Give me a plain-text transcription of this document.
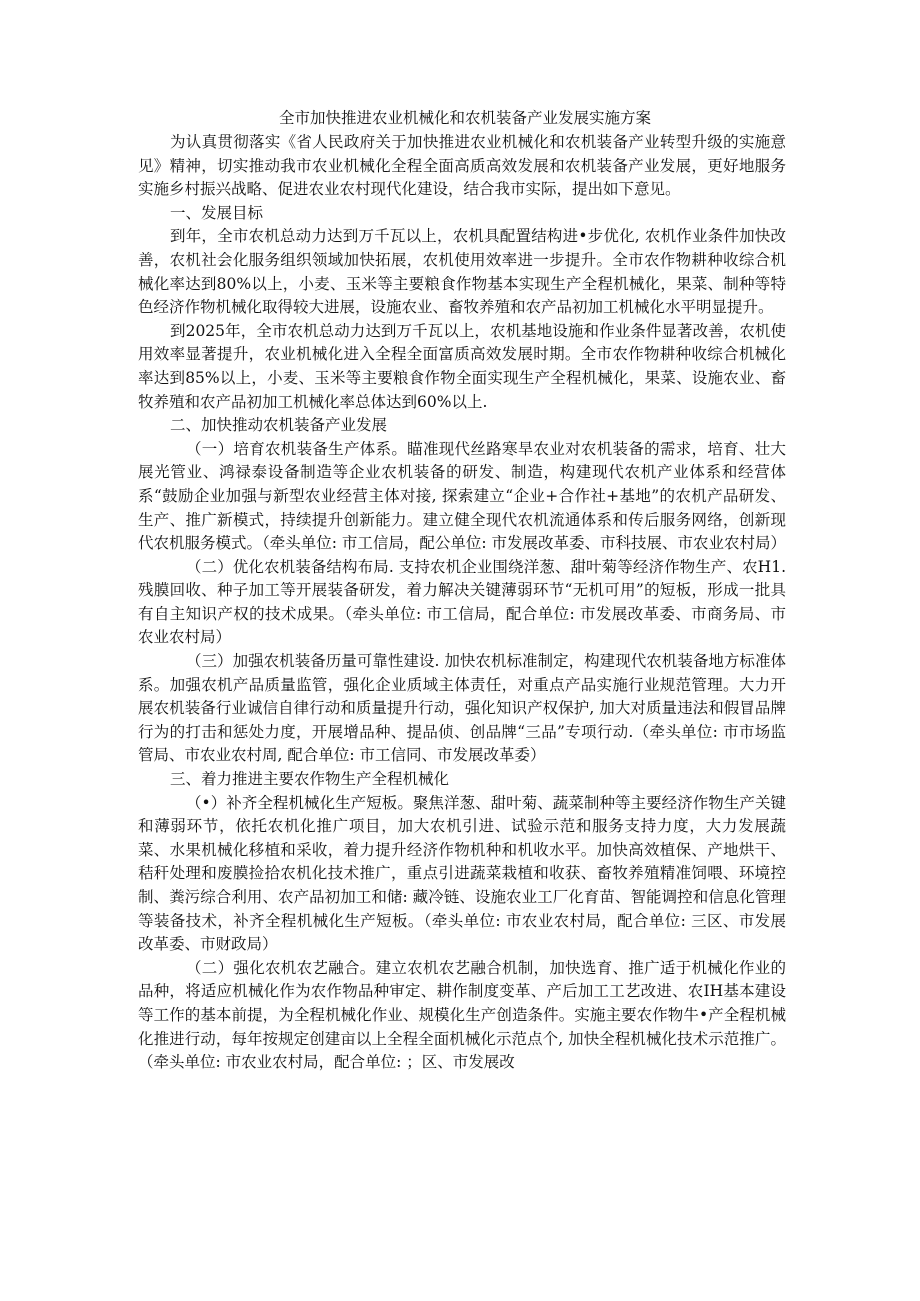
全市加快推进农业机械化和农机装备产业发展实施方案

为认真贯彻落实《省人民政府关于加快推进农业机械化和农机装备产业转型升级的实施意见》精神，切实推动我市农业机械化全程全面高质高效发展和农机装备产业发展，更好地服务实施乡村振兴战略、促进农业农村现代化建设，结合我市实际，提出如下意见。

一、发展目标

到年，全市农机总动力达到万千瓦以上，农机具配置结构进•步优化, 农机作业条件加快改善，农机社会化服务组织领域加快拓展，农机使用效率进一步提升。全市农作物耕种收综合机械化率达到80%以上，小麦、玉米等主要粮食作物基本实现生产全程机械化，果菜、制种等特色经济作物机械化取得较大进展，设施农业、畜牧养殖和农产品初加工机械化水平明显提升。

到2025年，全市农机总动力达到万千瓦以上，农机基地设施和作业条件显著改善，农机使用效率显著提升，农业机械化进入全程全面富质高效发展时期。全市农作物耕种收综合机械化率达到85%以上，小麦、玉米等主要粮食作物全面实现生产全程机械化，果菜、设施农业、畜牧养殖和农产品初加工机械化率总体达到60%以上.

二、加快推动农机装备产业发展

（一）培育农机装备生产体系。瞄准现代丝路寒旱农业对农机装备的需求，培育、壮大展光管业、鸿禄泰设备制造等企业农机装备的研发、制造，构建现代农机产业体系和经营体系“鼓励企业加强与新型农业经营主体对接, 探索建立“企业+合作社+基地”的农机产品研发、生产、推广新模式，持续提升创新能力。建立健全现代农机流通体系和传后服务网络，创新现代农机服务模式。（牵头单位: 市工信局，配公单位: 市发展改革委、市科技展、市农业农村局）

（二）优化农机装备结构布局. 支持农机企业围绕洋葱、甜叶菊等经济作物生产、农H1.残膜回收、种子加工等开展装备研发，着力解决关键薄弱环节“无机可用”的短板，形成一批具有自主知识产权的技术成果。（牵头单位: 市工信局，配合单位: 市发展改革委、市商务局、市农业农村局）

（三）加强农机装备历量可靠性建设. 加快农机标准制定，构建现代农机装备地方标准体系。加强农机产品质量监管，强化企业质域主体责任，对重点产品实施行业规范管理。大力开展农机装备行业诚信自律行动和质量提升行动，强化知识产权保护, 加大对质量违法和假冒品牌行为的打击和惩处力度，开展增品种、提品侦、创品牌“三品”专项行动.（牵头单位: 市市场监管局、市农业农村周, 配合单位: 市工信同、市发展改革委）

三、着力推进主要农作物生产全程机械化

（•）补齐全程机械化生产短板。聚焦洋葱、甜叶菊、蔬菜制种等主要经济作物生产关键和薄弱环节，依托农机化推广项目，加大农机引进、试验示范和服务支持力度，大力发展蔬菜、水果机械化移植和采收，着力提升经济作物机种和机收水平。加快高效植保、产地烘干、秸秆处理和废膜捡拾农机化技术推广，重点引进蔬菜栽植和收获、畜牧养殖精准饲喂、环境控制、粪污综合利用、农产品初加工和储: 藏冷链、设施农业工厂化育苗、智能调控和信息化管理等装备技术，补齐全程机械化生产短板。（牵头单位: 市农业农村局，配合单位: 三区、市发展改革委、市财政局）

（二）强化农机农艺融合。建立农机农艺融合机制，加快选育、推广适于机械化作业的品种，将适应机械化作为农作物品种审定、耕作制度变革、产后加工工艺改进、农IH基本建设等工作的基本前提，为全程机械化作业、规模化生产创造条件。实施主要农作物牛•产全程机械化推进行动，每年按规定创建亩以上全程全面机械化示范点个, 加快全程机械化技术示范推广。（牵头单位: 市农业农村局，配合单位: ；区、市发展改
